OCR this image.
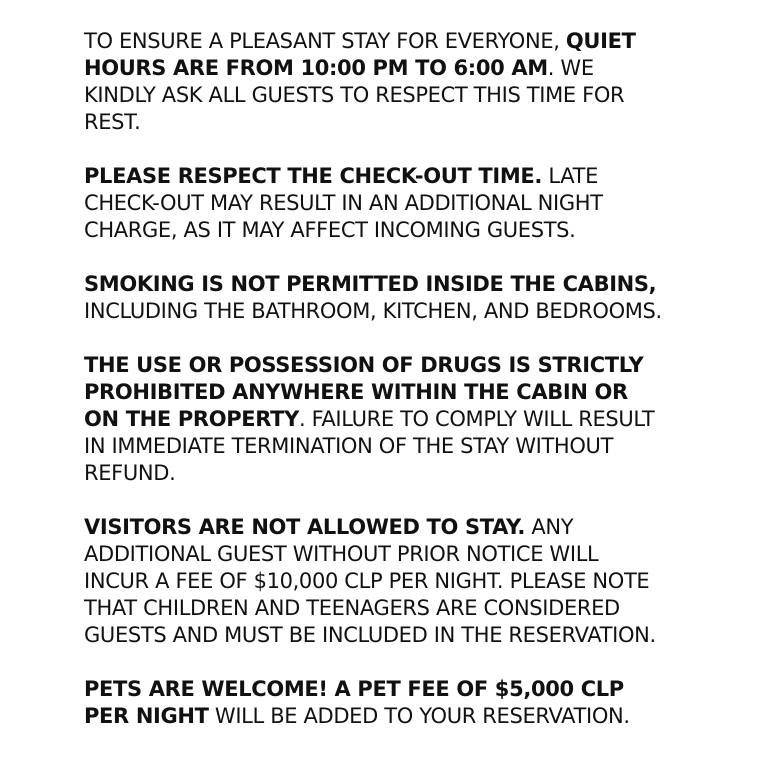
TO ENSURE A PLEASANT STAY FOR EVERYONE, QUIET HOURS ARE FROM 10:00 PM TO 6:00 AM. WE KINDLY ASK ALL GUESTS TO RESPECT THIS TIME FOR REST.

PLEASE RESPECT THE CHECK-OUT TIME. LATE CHECK-OUT MAY RESULT IN AN ADDITIONAL NIGHT CHARGE, AS IT MAY AFFECT INCOMING GUESTS.

SMOKING IS NOT PERMITTED INSIDE THE CABINS, INCLUDING THE BATHROOM, KITCHEN, AND BEDROOMS.

THE USE OR POSSESSION OF DRUGS IS STRICTLY PROHIBITED ANYWHERE WITHIN THE CABIN OR ON THE PROPERTY. FAILURE TO COMPLY WILL RESULT IN IMMEDIATE TERMINATION OF THE STAY WITHOUT REFUND.

VISITORS ARE NOT ALLOWED TO STAY. ANY ADDITIONAL GUEST WITHOUT PRIOR NOTICE WILL INCUR A FEE OF $10,000 CLP PER NIGHT. PLEASE NOTE THAT CHILDREN AND TEENAGERS ARE CONSIDERED GUESTS AND MUST BE INCLUDED IN THE RESERVATION.

PETS ARE WELCOME! A PET FEE OF $5,000 CLP PER NIGHT WILL BE ADDED TO YOUR RESERVATION.
